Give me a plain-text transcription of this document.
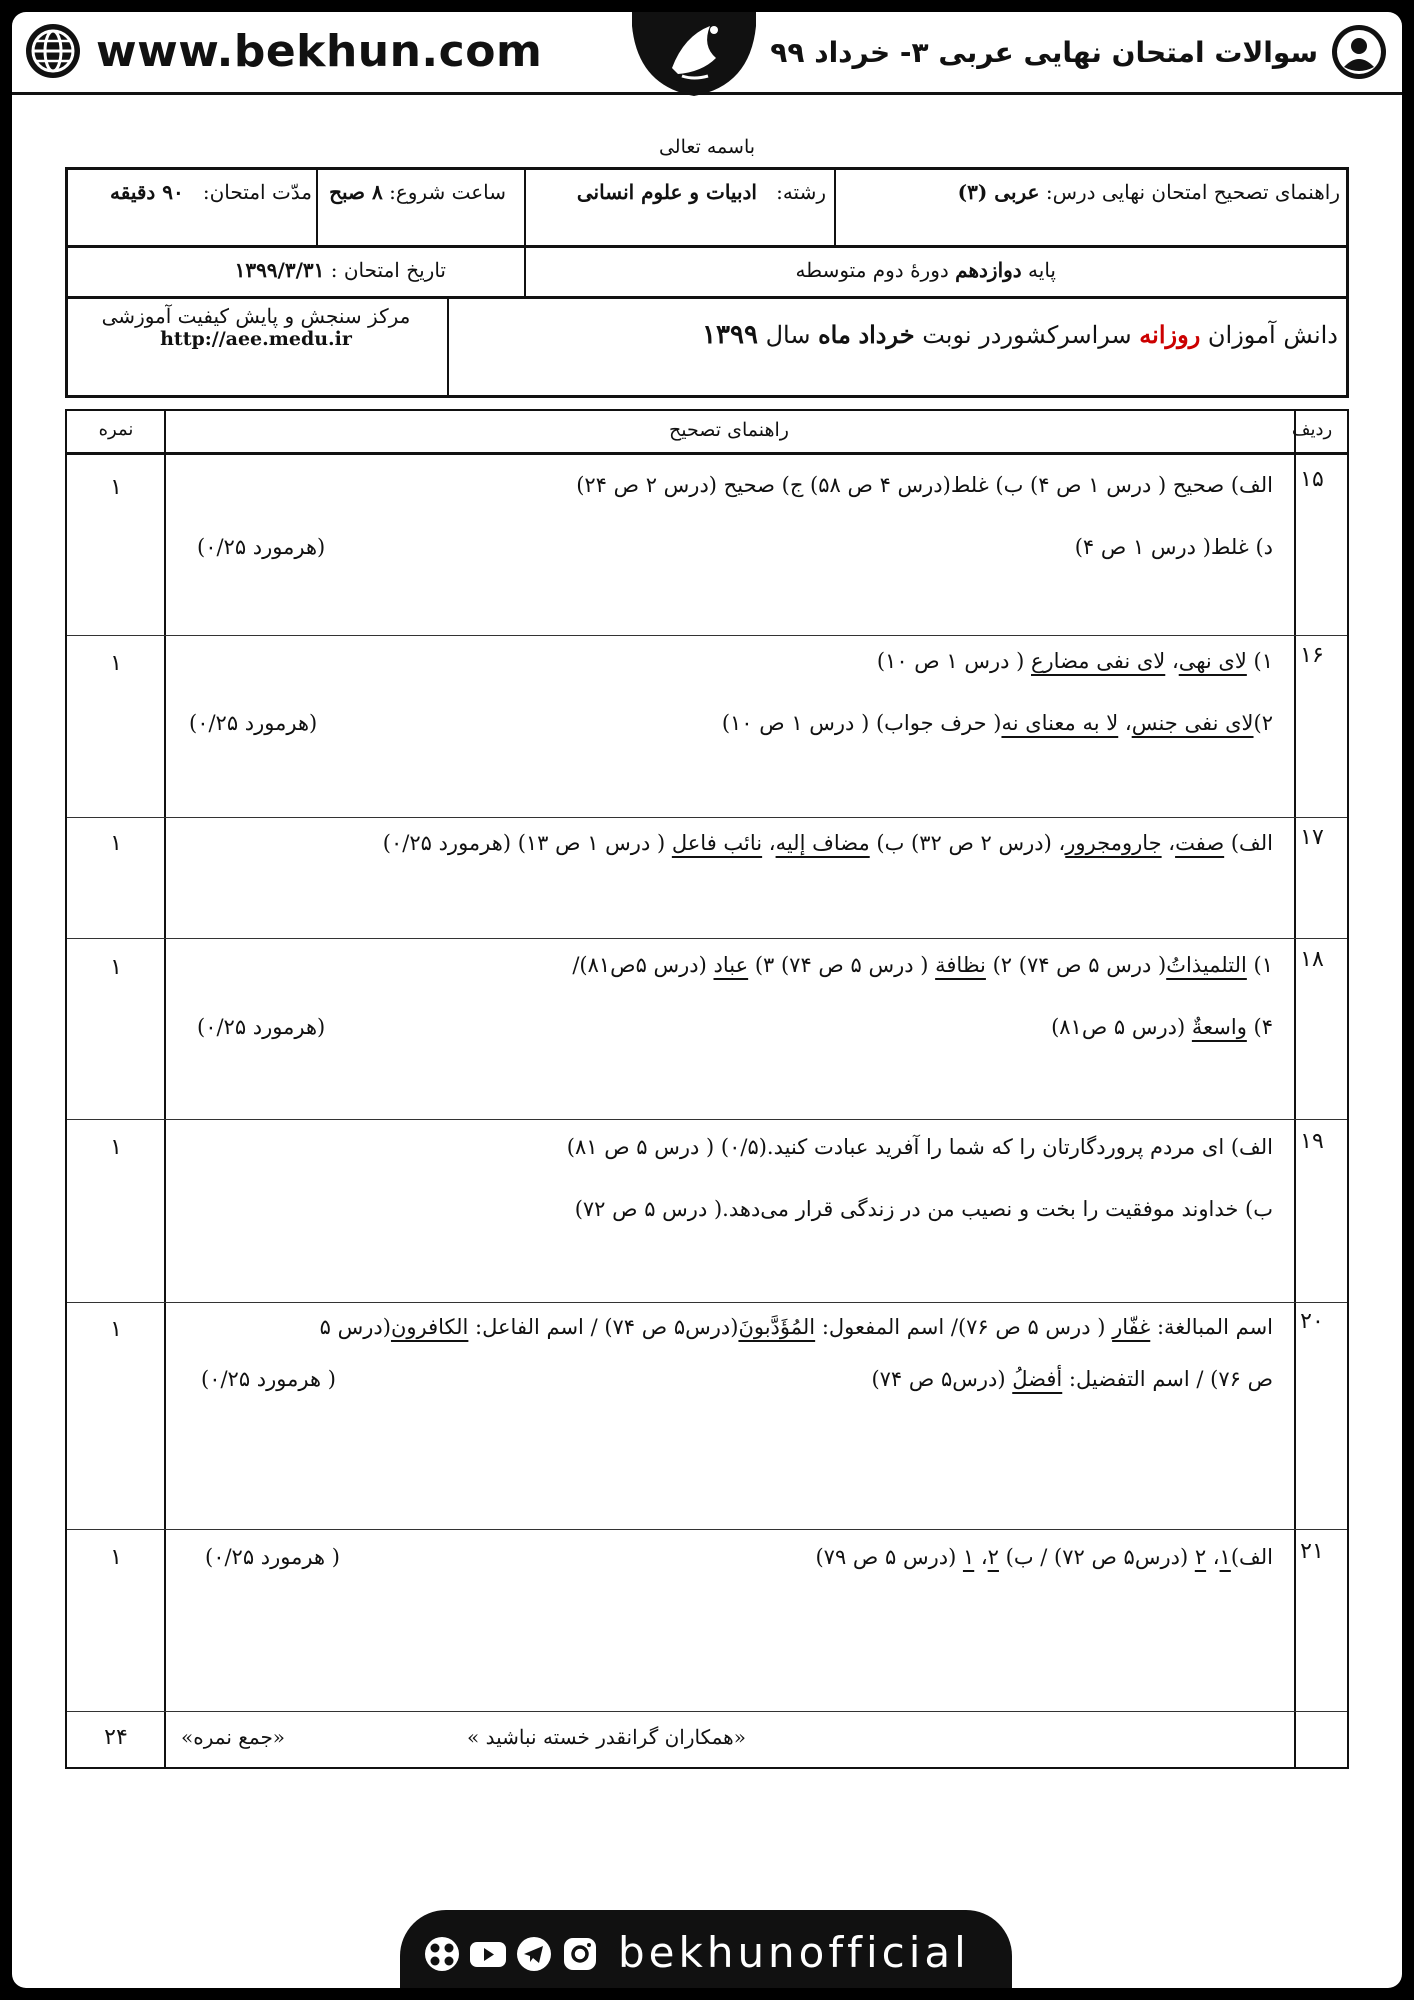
www.bekhun.com	سوالات امتحان نهایی عربی ۳- خرداد ۹۹
باسمه تعالی
راهنمای تصحیح امتحان نهایی درس: عربی (۳)
رشته:   ادبیات و علوم انسانی
ساعت شروع: ۸ صبح
مدّت امتحان:   ۹۰ دقیقه
پایه دوازدهم دورهٔ دوم متوسطه
تاریخ امتحان : ۱۳۹۹/۳/۳۱
دانش آموزان روزانه سراسرکشوردر نوبت خرداد ماه سال ۱۳۹۹
مرکز سنجش و پایش کیفیت آموزشی
http://aee.medu.ir
ردیف
راهنمای تصحیح
نمره
۱۵
۱	الف) صحیح ( درس ۱ ص ۴) ب) غلط(درس ۴ ص ۵۸) ج) صحیح (درس ۲ ص ۲۴)
د) غلط( درس ۱ ص ۴)
(هرمورد ۰/۲۵)
۱۶
۱	۱) لای نهی، لای نفی مضارع ( درس ۱ ص ۱۰)
۲)لای نفی جنس، لا به معنای نه( حرف جواب) ( درس ۱ ص ۱۰)
(هرمورد ۰/۲۵)
۱۷
۱	الف) صفت، جارومجرور، (درس ۲ ص ۳۲) ب) مضاف إلیه، نائب فاعل ( درس ۱ ص ۱۳) (هرمورد ۰/۲۵)
۱۸
۱	۱) التلمیذاتُ( درس ۵ ص ۷۴) ۲) نظافة ( درس ۵ ص ۷۴) ۳) عباد (درس ۵ص۸۱)/
۴) واسعةٌ (درس ۵ ص۸۱)
(هرمورد ۰/۲۵)
۱۹
۱	الف) ای مردم پروردگارتان را که شما را آفرید عبادت کنید.(۰/۵) ( درس ۵ ص ۸۱)
ب) خداوند موفقیت را بخت و نصیب من در زندگی قرار می‌دهد.( درس ۵ ص ۷۲)
۲۰
۱	اسم المبالغة: غفّار ( درس ۵ ص ۷۶)/ اسم المفعول: المُؤَدَّبونَ(درس۵ ص ۷۴) / اسم الفاعل: الکافرون(درس ۵
ص ۷۶) / اسم التفضیل: أفضلُ (درس۵ ص ۷۴)
( هرمورد ۰/۲۵)
۲۱
۱	الف)۱، ۲ (درس۵ ص ۷۲) / ب) ۲، ۱ (درس ۵ ص ۷۹)
( هرمورد ۰/۲۵)
«همکاران گرانقدر خسته نباشید »
«جمع نمره»
۲۴
bekhunofficial
